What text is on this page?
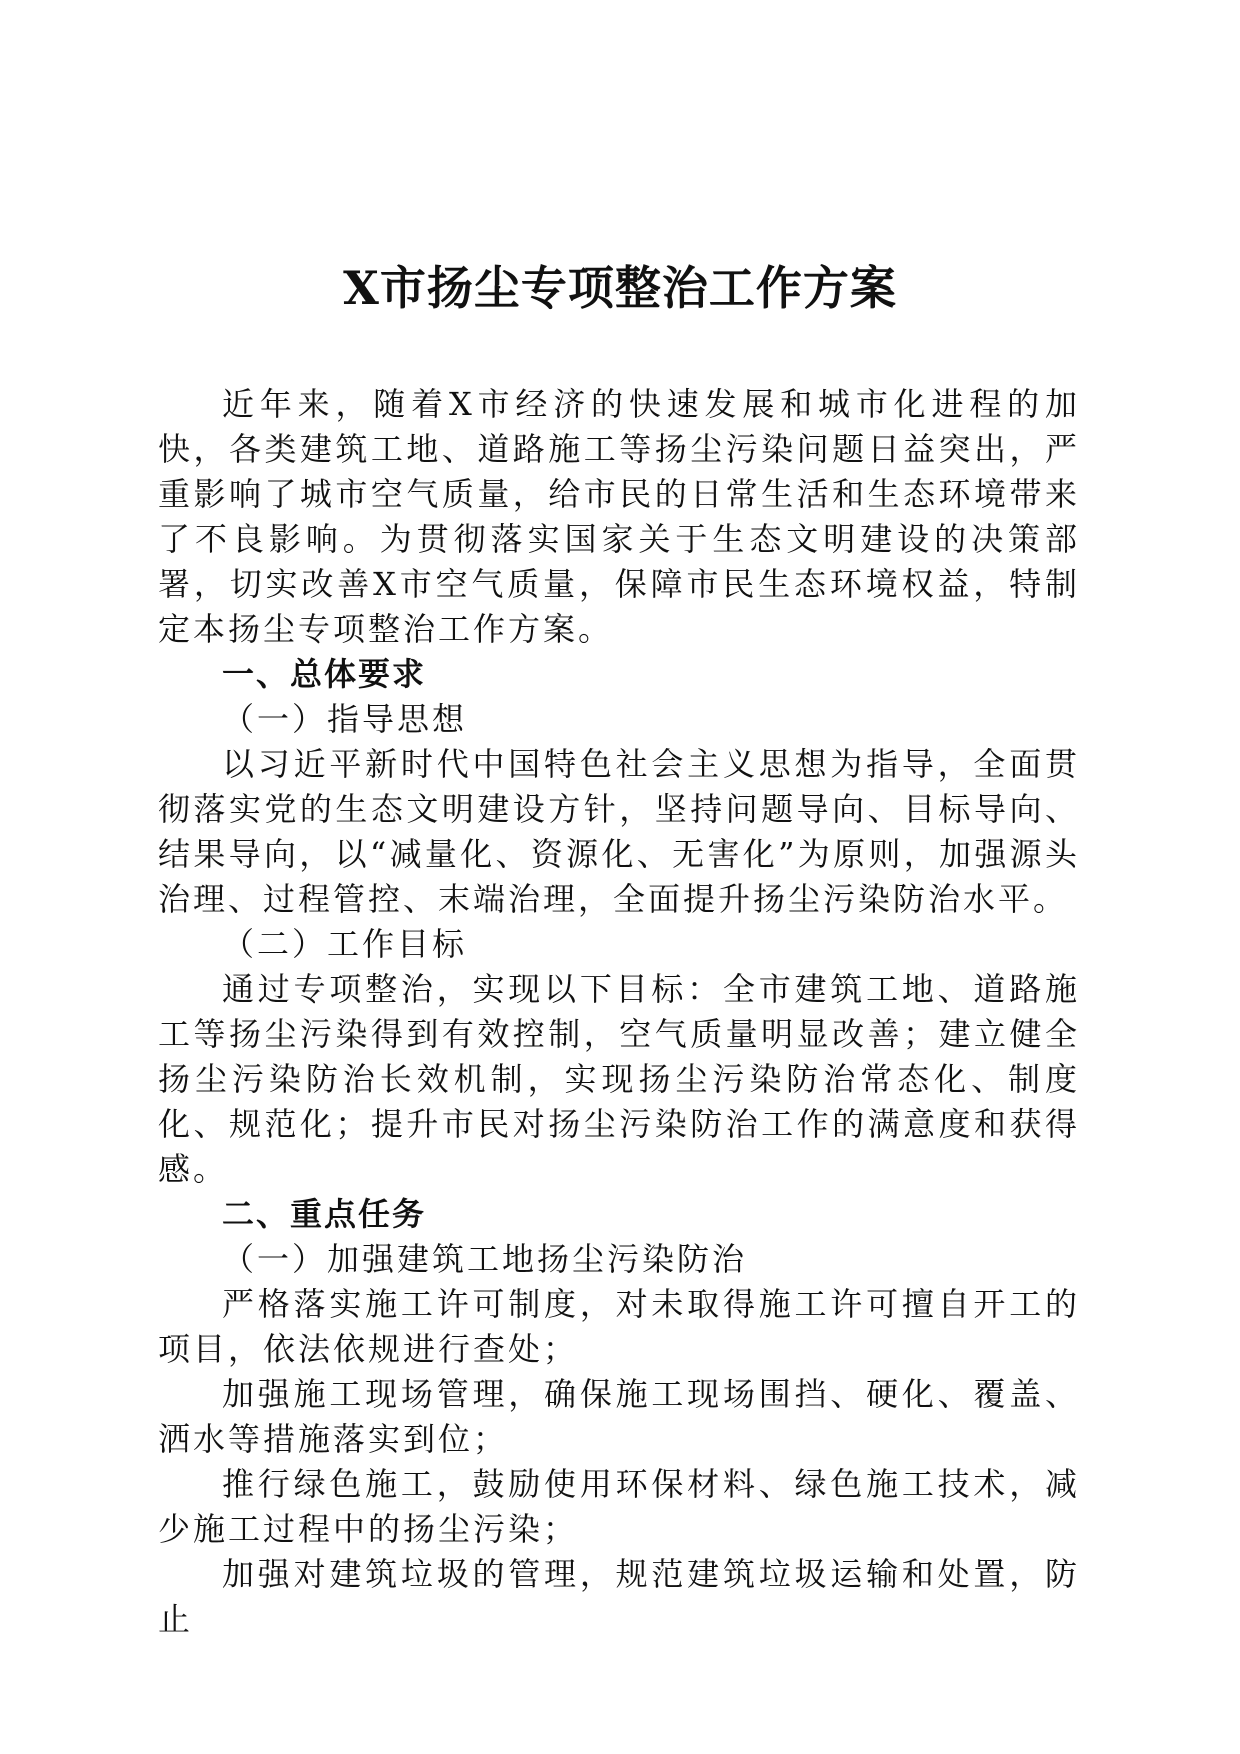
X市扬尘专项整治工作方案

近年来，随着X市经济的快速发展和城市化进程的加快，各类建筑工地、道路施工等扬尘污染问题日益突出，严重影响了城市空气质量，给市民的日常生活和生态环境带来了不良影响。为贯彻落实国家关于生态文明建设的决策部署，切实改善X市空气质量，保障市民生态环境权益，特制定本扬尘专项整治工作方案。

一、总体要求

（一）指导思想

以习近平新时代中国特色社会主义思想为指导，全面贯彻落实党的生态文明建设方针，坚持问题导向、目标导向、结果导向，以“减量化、资源化、无害化”为原则，加强源头治理、过程管控、末端治理，全面提升扬尘污染防治水平。

（二）工作目标

通过专项整治，实现以下目标：全市建筑工地、道路施工等扬尘污染得到有效控制，空气质量明显改善；建立健全扬尘污染防治长效机制，实现扬尘污染防治常态化、制度化、规范化；提升市民对扬尘污染防治工作的满意度和获得感。

二、重点任务

（一）加强建筑工地扬尘污染防治

严格落实施工许可制度，对未取得施工许可擅自开工的项目，依法依规进行查处；

加强施工现场管理，确保施工现场围挡、硬化、覆盖、洒水等措施落实到位；

推行绿色施工，鼓励使用环保材料、绿色施工技术，减少施工过程中的扬尘污染；

加强对建筑垃圾的管理，规范建筑垃圾运输和处置，防止
